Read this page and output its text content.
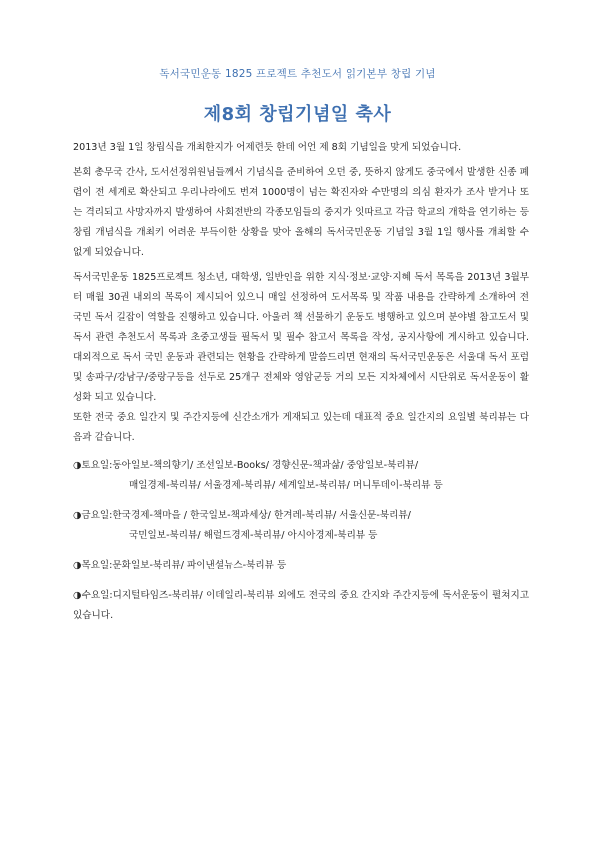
독서국민운동 1825 프로젝트 추천도서 읽기본부 창립 기념
제8회 창립기념일 축사

2013년 3월 1일 창립식을 개최한지가 어제련듯 한데 어언 제 8회 기념일을 맞게 되었습니다.

본회 총무국 간사, 도서선정위원님들께서 기념식을 준비하여 오던 중, 뜻하지 않게도 중국에서 발생한 신종 폐렴이 전 세계로 확산되고 우리나라에도 번져 1000명이 넘는 확진자와 수만명의 의심 환자가 조사 받거나 또는 격리되고 사망자까지 발생하여 사회전반의 각종모임들의 중지가 잇따르고 각급 학교의 개학을 연기하는 등 창립 개념식을 개최키 어려운 부득이한 상황을 맞아 올해의 독서국민운동 기념일 3월 1일 행사를 개최할 수 없게 되었습니다.

독서국민운동 1825프로젝트 청소년, 대학생, 일반인을 위한 지식·정보·교양·지혜 독서 목록을 2013년 3월부터 매월 30권 내외의 목록이 제시되어 있으니 매일 선정하여 도서목록 및 작품 내용을 간략하게 소개하여 전국민 독서 길잡이 역할을 진행하고 있습니다. 아울러 책 선물하기 운동도 병행하고 있으며 분야별 참고도서 및 독서 관련 추천도서 목록과 초중고생들 필독서 및 필수 참고서 목록을 작성, 공지사항에 게시하고 있습니다. 대외적으로 독서 국민 운동과 관련되는 현황을 간략하게 말씀드리면 현재의 독서국민운동은 서울대 독서 포럼 및 송파구/강남구/중랑구등을 선두로 25개구 전체와 영암군등 거의 모든 지차체에서 시단위로 독서운동이 활성화 되고 있습니다.

또한 전국 중요 일간지 및 주간지등에 신간소개가 게재되고 있는데 대표적 중요 일간지의 요일별 북리뷰는 다음과 같습니다.

◑토요일:동아일보-책의향기/ 조선일보-Books/ 경향신문-책과삶/ 중앙일보-북리뷰/

매일경제-북리뷰/ 서울경제-북리뷰/ 세계일보-북리뷰/ 머니투데이-북리뷰 등

◑금요일:한국경제-책마을 / 한국일보-책과세상/ 한겨레-북리뷰/ 서울신문-북리뷰/

국민일보-북리뷰/ 해럴드경제-북리뷰/ 아시아경제-북리뷰 등

◑목요일:문화일보-북리뷰/ 파이낸셜뉴스-북리뷰 등

◑수요일:디지털타임즈-북리뷰/ 이데일리-북리뷰 외에도 전국의 중요 간지와 주간지등에 독서운동이 펼쳐지고 있습니다.
